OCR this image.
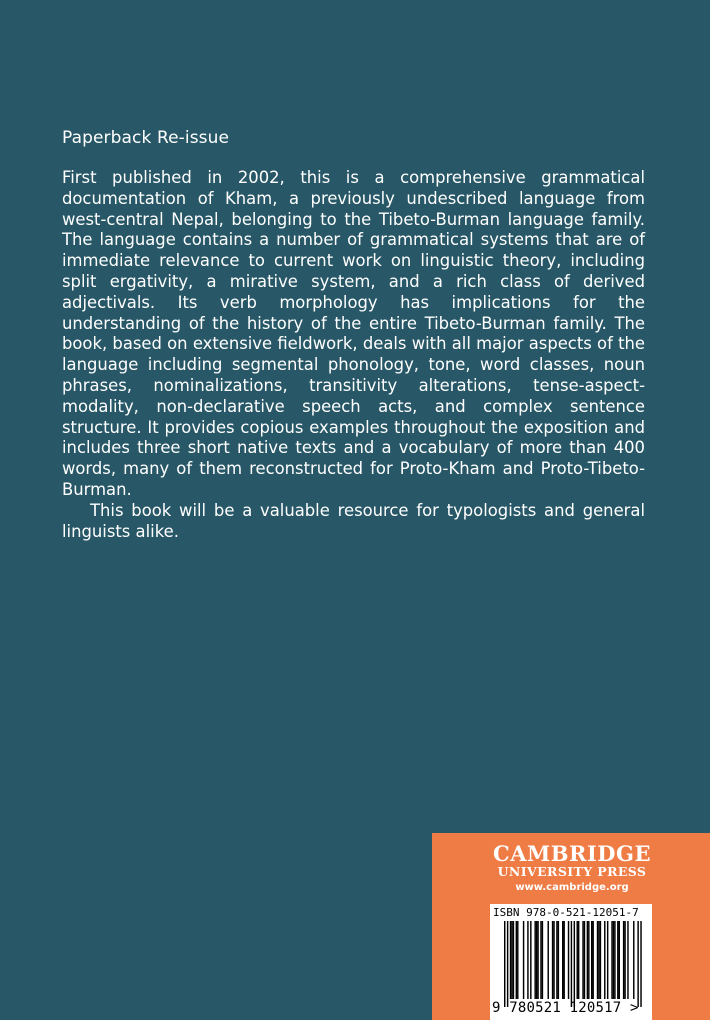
Paperback Re-issue

First published in 2002, this is a comprehensive grammatical documentation of Kham, a previously undescribed language from west-central Nepal, belonging to the Tibeto-Burman language family. The language contains a number of grammatical systems that are of immediate relevance to current work on linguistic theory, including split ergativity, a mirative system, and a rich class of derived adjectivals. Its verb morphology has implications for the understanding of the history of the entire Tibeto-Burman family. The book, based on extensive fieldwork, deals with all major aspects of the language including segmental phonology, tone, word classes, noun phrases, nominalizations, transitivity alterations, tense-aspect-modality, non-declarative speech acts, and complex sentence structure. It provides copious examples throughout the exposition and includes three short native texts and a vocabulary of more than 400 words, many of them reconstructed for Proto-Kham and Proto-Tibeto-Burman.

This book will be a valuable resource for typologists and general linguists alike.

CAMBRIDGE
UNIVERSITY PRESS
www.cambridge.org
ISBN 978-0-521-12051-7
9 780521 120517 >
